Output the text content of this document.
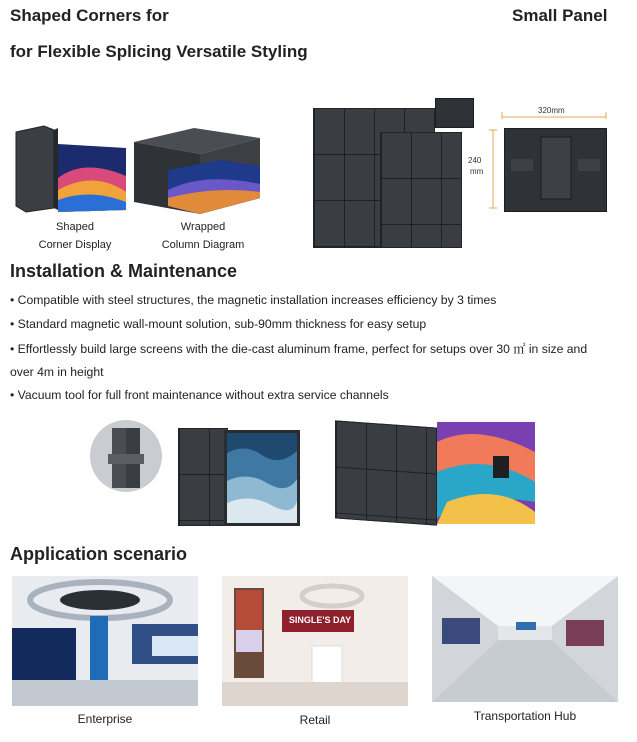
Shaped Corners for	Small Panel
for Flexible Splicing Versatile Styling
Shaped
Corner Display
Wrapped
Column Diagram
320mm
240
mm
Installation & Maintenance
• Compatible with steel structures, the magnetic installation increases efficiency by 3 times
• Standard magnetic wall-mount solution, sub-90mm thickness for easy setup
• Effortlessly build large screens with the die-cast aluminum frame, perfect for setups over 30 ㎡ in size and
over 4m in height
• Vacuum tool for full front maintenance without extra service channels
Application scenario
Enterprise
SINGLE'S DAY
Retail	Transportation Hub
